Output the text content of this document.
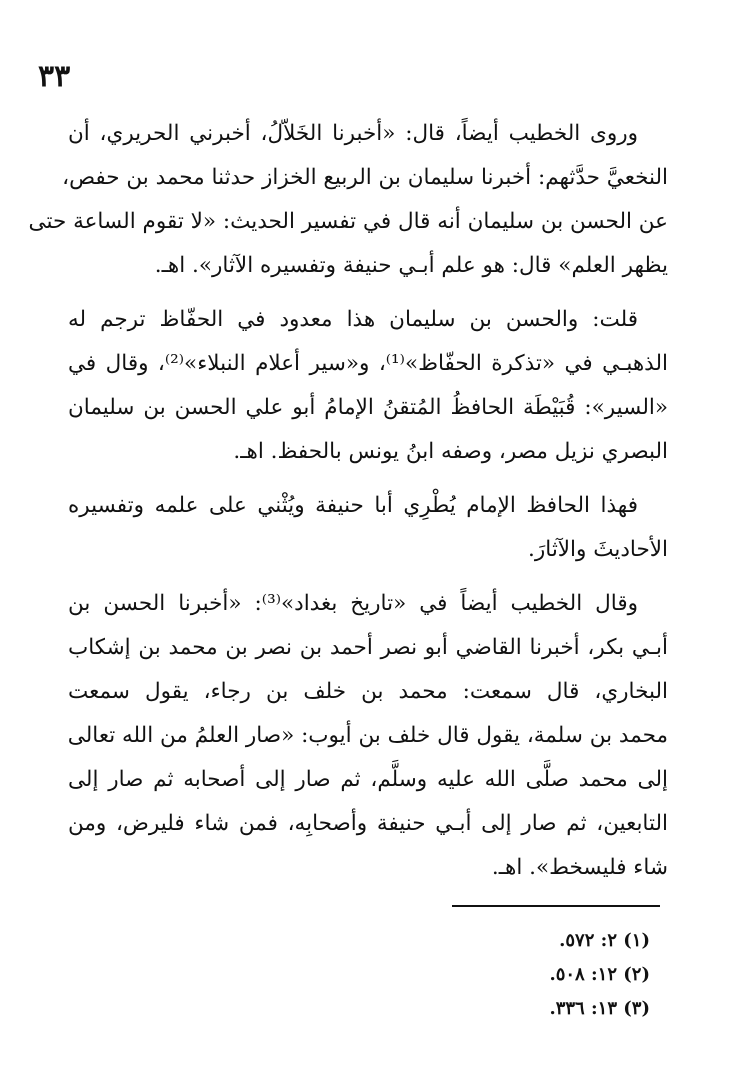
٣٣
وروى الخطيب أيضاً، قال: «أخبرنا الخَلاّلُ، أخبرني الحريري، أن
النخعيَّ حدَّثهم: أخبرنا سليمان بن الربيع الخزاز حدثنا محمد بن حفص،
عن الحسن بن سليمان أنه قال في تفسير الحديث: «لا تقوم الساعة حتى
يظهر العلم» قال: هو علم أبـي حنيفة وتفسيره الآثار». اهـ.
قلت: والحسن بن سليمان هذا معدود في الحفّاظ ترجم له
الذهبـي في «تذكرة الحفّاظ»⁽¹⁾، و«سير أعلام النبلاء»⁽²⁾، وقال في
«السير»: قُبَيْطَة الحافظُ المُتقنُ الإمامُ أبو علي الحسن بن سليمان
البصري نزيل مصر، وصفه ابنُ يونس بالحفظ. اهـ.
فهذا الحافظ الإمام يُطْرِي أبا حنيفة ويُثْني على علمه وتفسيره
الأحاديثَ والآثارَ.
وقال الخطيب أيضاً في «تاريخ بغداد»⁽³⁾: «أخبرنا الحسن بن
أبـي بكر، أخبرنا القاضي أبو نصر أحمد بن نصر بن محمد بن إشكاب
البخاري، قال سمعت: محمد بن خلف بن رجاء، يقول سمعت
محمد بن سلمة، يقول قال خلف بن أيوب: «صار العلمُ من الله تعالى
إلى محمد صلَّى الله عليه وسلَّم، ثم صار إلى أصحابه ثم صار إلى
التابعين، ثم صار إلى أبـي حنيفة وأصحابِه، فمن شاء فليرض، ومن
شاء فليسخط». اهـ.
(١) ٢: ٥٧٢.
(٢) ١٢: ٥٠٨.
(٣) ١٣: ٣٣٦.
